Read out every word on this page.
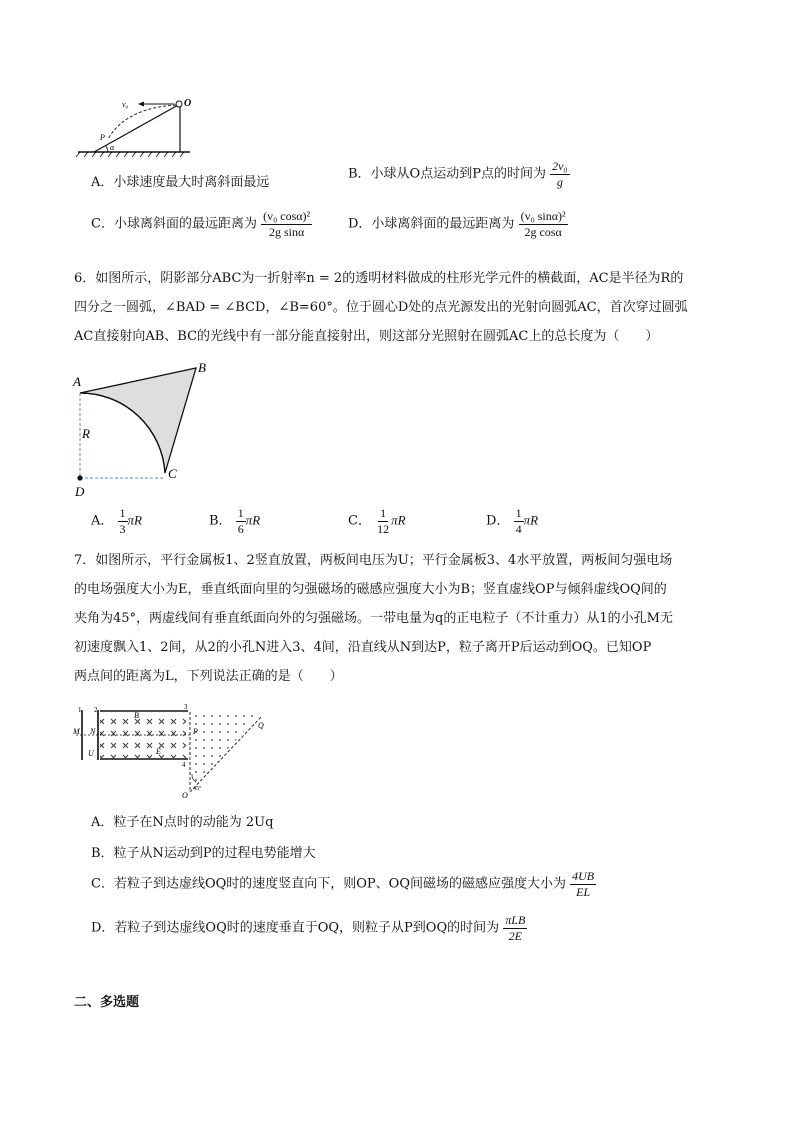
v₀	O
P
α
A．小球速度最大时离斜面最远
B．小球从O点运动到P点的时间为 $\frac{\text{2v₀}}{g}$
C．小球离斜面的最远距离为 $\frac{\text{(v₀ cosα)²}}{\text{2g sinα}}$	D．小球离斜面的最远距离为 $\frac{\text{(v₀ sinα)²}}{\text{2g cosα}}$
6．如图所示，阴影部分ABC为一折射率n = 2的透明材料做成的柱形光学元件的横截面，AC是半径为R的
四分之一圆弧，∠BAD = ∠BCD，∠B=60°。位于圆心D处的点光源发出的光射向圆弧AC，首次穿过圆弧
AC直接射向AB、BC的光线中有一部分能直接射出，则这部分光照射在圆弧AC上的总长度为（　　）
A
B
C
D
R
A． $\frac{1}{3}$ πR	B． $\frac{1}{6}$ πR	C． $\frac{1}{12}$ πR	D． $\frac{1}{4}$ πR
7．如图所示，平行金属板1、2竖直放置，两板间电压为U；平行金属板3、4水平放置，两板间匀强电场
的电场强度大小为E，垂直纸面向里的匀强磁场的磁感应强度大小为B；竖直虚线OP与倾斜虚线OQ间的
夹角为45°，两虚线间有垂直纸面向外的匀强磁场。一带电量为q的正电粒子（不计重力）从1的小孔M无
初速度飘入1、2间，从2的小孔N进入3、4间，沿直线从N到达P，粒子离开P后运动到OQ。已知OP
两点间的距离为L，下列说法正确的是（　　）
1 2	3
4
M N
U
B
E
P
Q
O
45°
A．粒子在N点时的动能为 2Uq
B．粒子从N运动到P的过程电势能增大
C．若粒子到达虚线OQ时的速度竖直向下，则OP、OQ间磁场的磁感应强度大小为 $\frac{4UB}{EL}$
D．若粒子到达虚线OQ时的速度垂直于OQ，则粒子从P到OQ的时间为 $\frac{\text{πLB}}{2E}$
二、多选题
